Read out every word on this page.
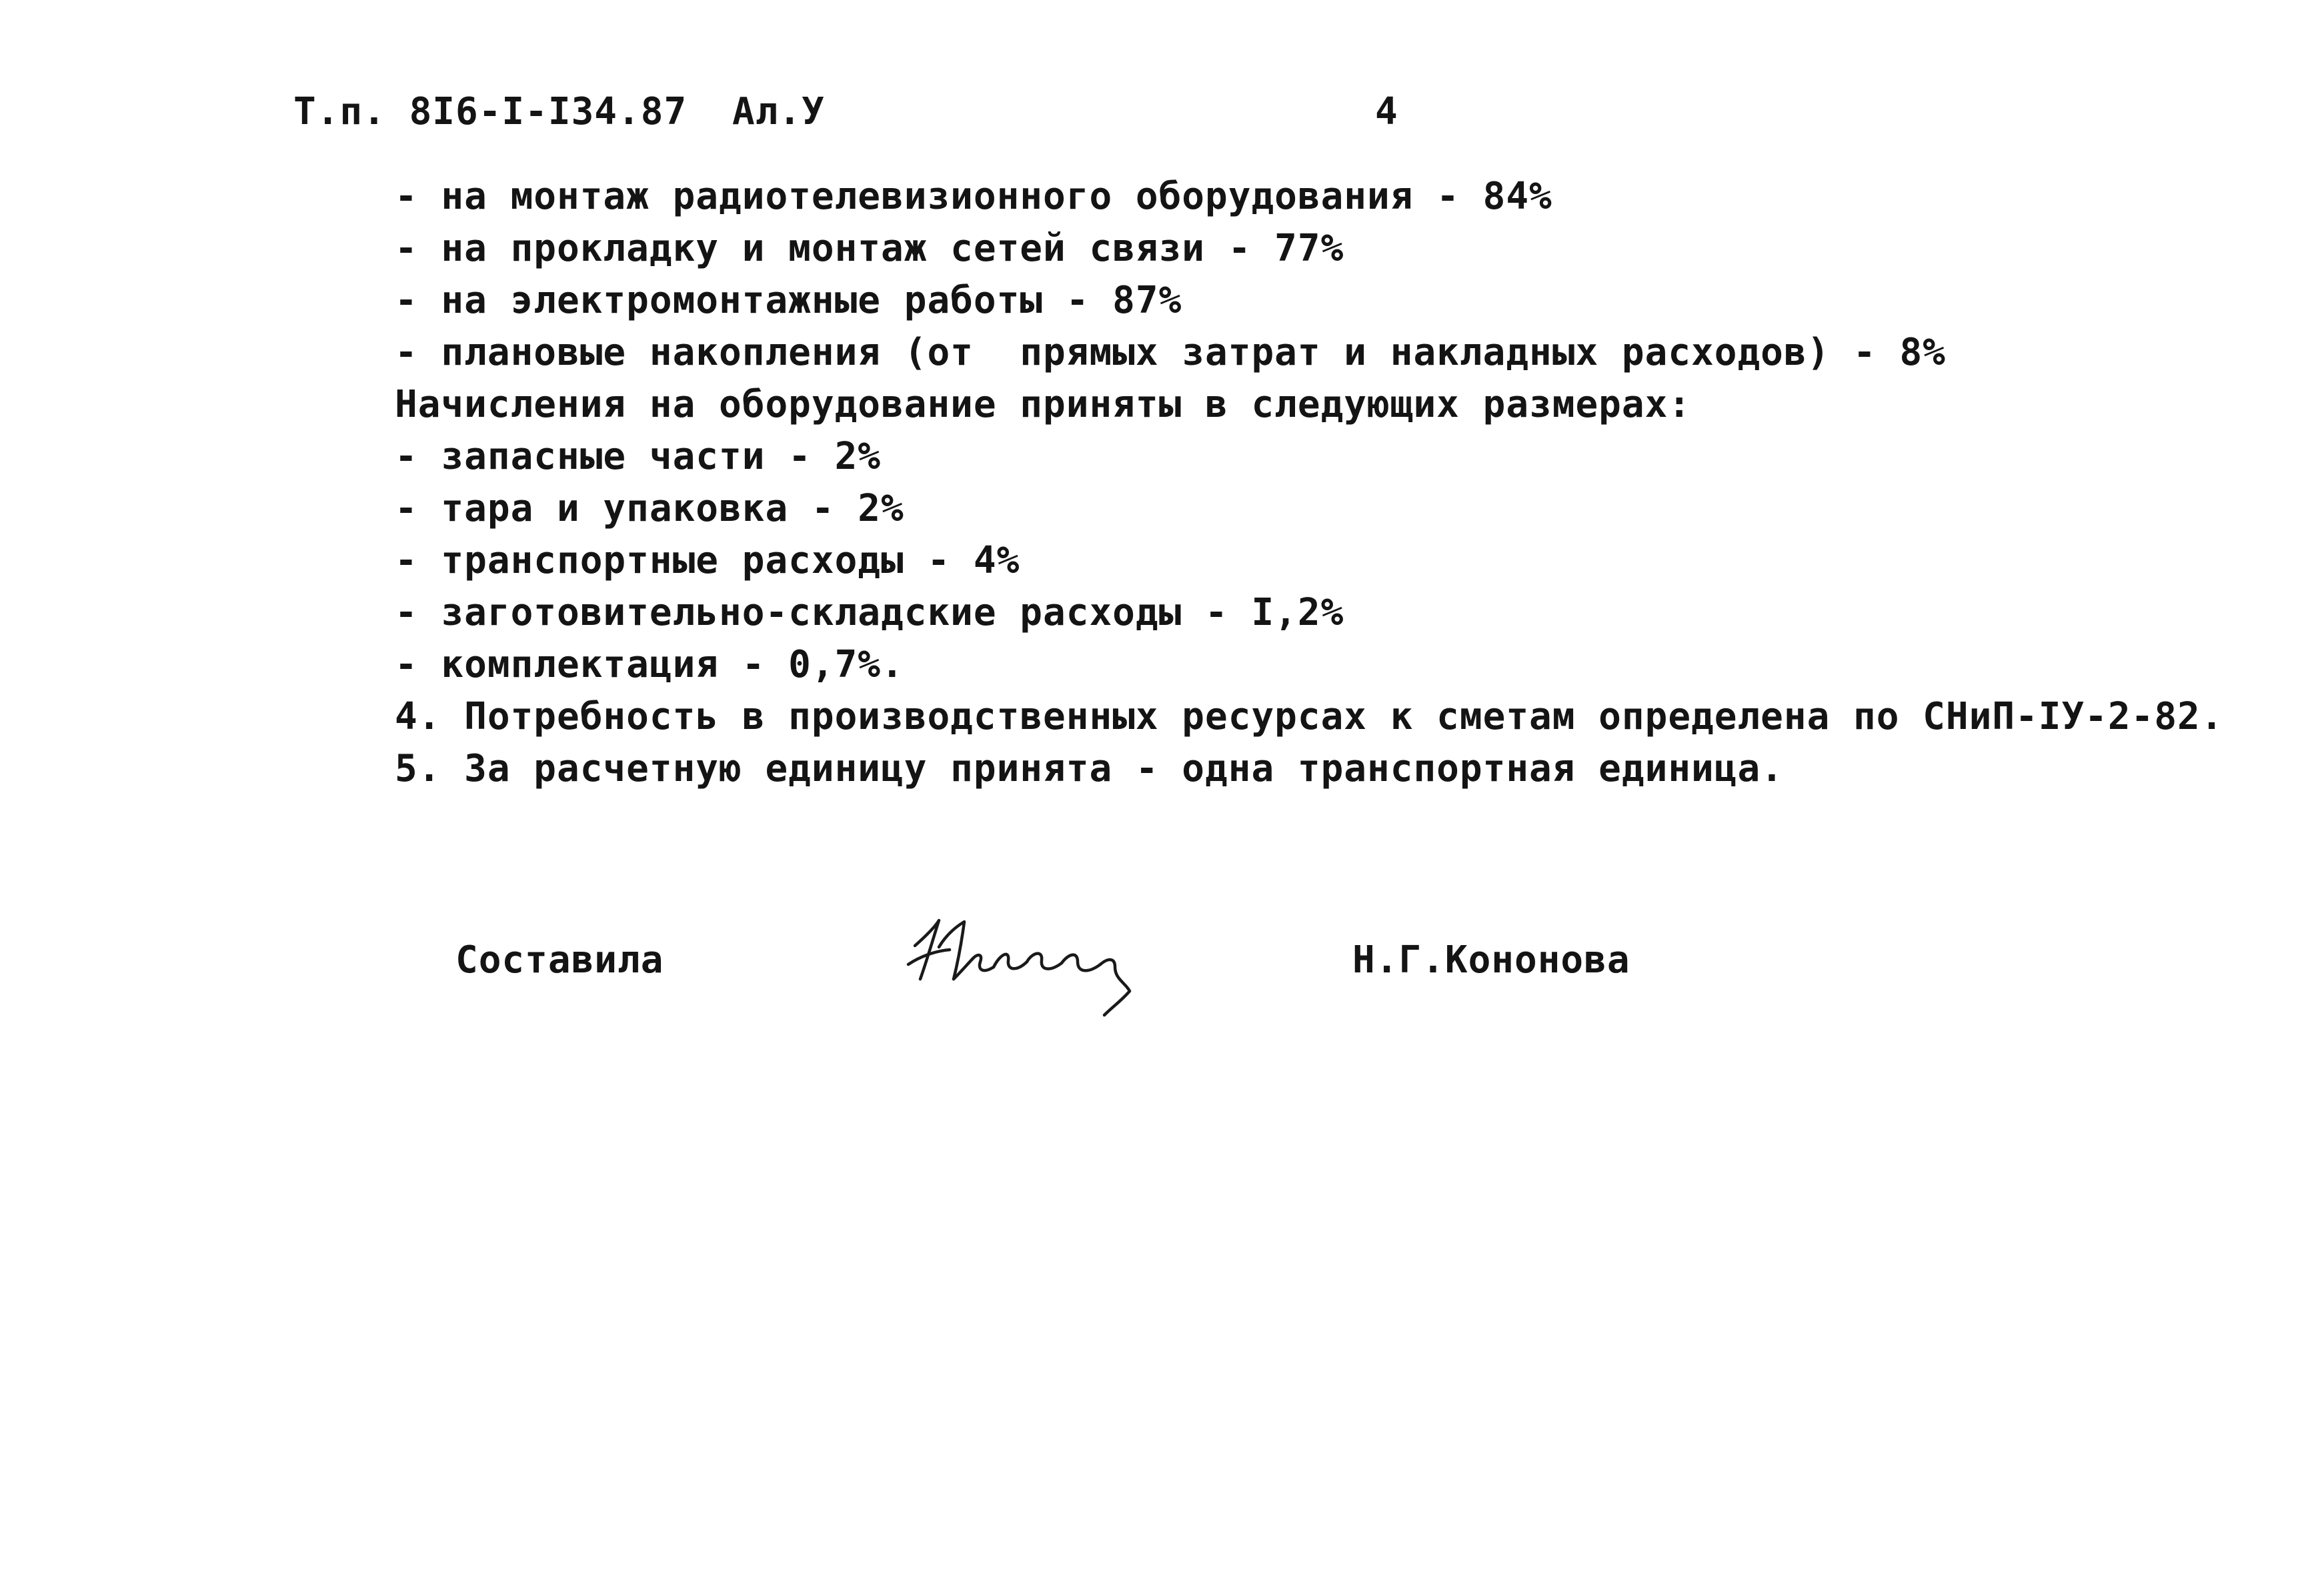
Т.п. 8I6-I-I34.87 Ал.У	4
- на монтаж радиотелевизионного оборудования - 84%
- на прокладку и монтаж сетей связи - 77%
- на электромонтажные работы - 87%
- плановые накопления (от  прямых затрат и накладных расходов) - 8%
Начисления на оборудование приняты в следующих размерах:
- запасные части - 2%
- тара и упаковка - 2%
- транспортные расходы - 4%
- заготовительно-складские расходы - I,2%
- комплектация - 0,7%.
4. Потребность в производственных ресурсах к сметам определена по СНиП-IУ-2-82.
5. За расчетную единицу принята - одна транспортная единица.
Составила	Н.Г.Кононова
